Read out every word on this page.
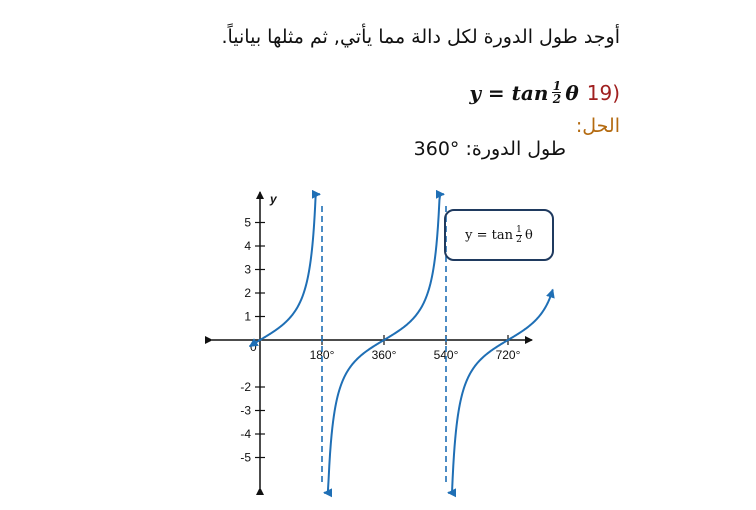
أوجد طول الدورة لكل دالة مما يأتي, ثم مثلها بيانياً.
(19
$y = \tan \frac{1}{2}$ θ
الحل:
طول الدورة: 360°
y
0
180°	360°	540°	720°
5
4
3
2
1
-2
-3
-4
-5
$y = \tan \frac{1}{2}$ θ
